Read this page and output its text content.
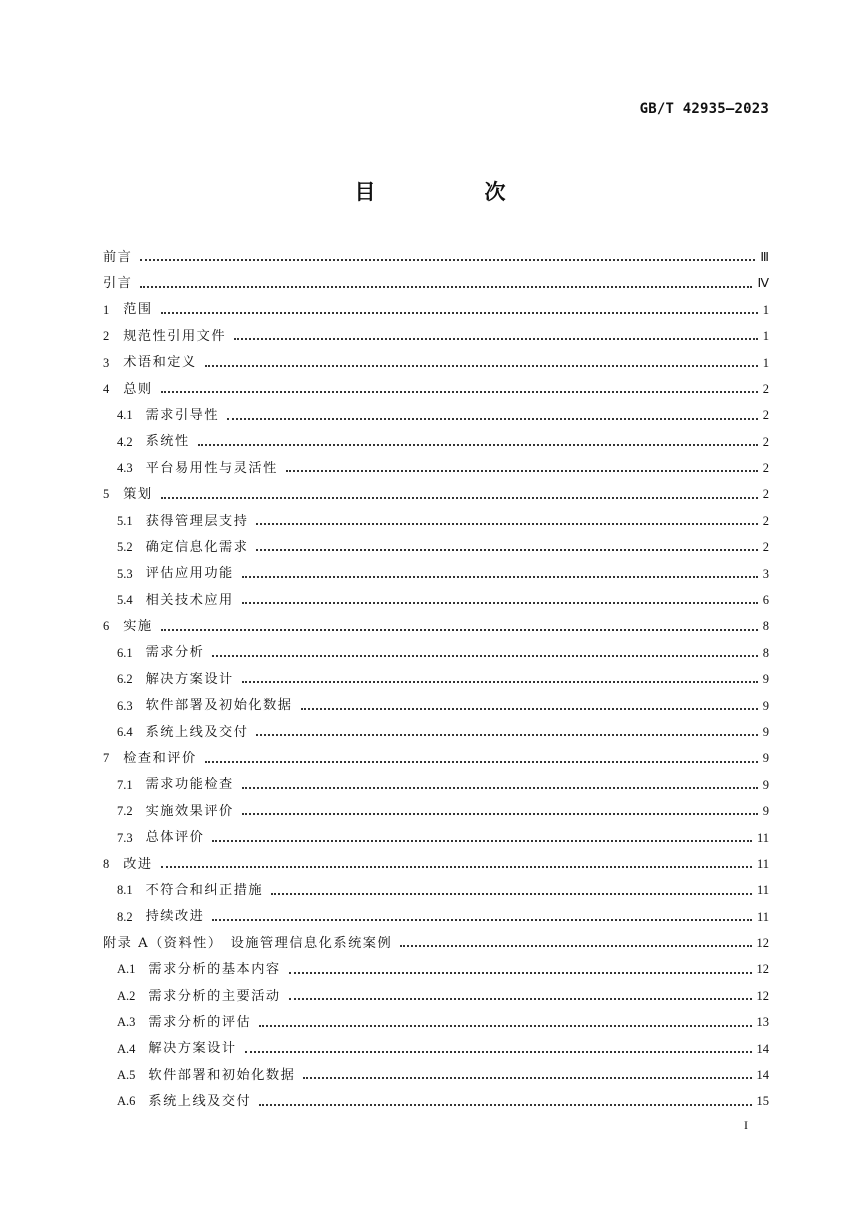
GB/T 42935—2023
目　次
前言	Ⅲ
引言	Ⅳ
1 范围	1
2 规范性引用文件	1
3 术语和定义	1
4 总则	2
4.1 需求引导性	2
4.2 系统性	2
4.3 平台易用性与灵活性	2
5 策划	2
5.1 获得管理层支持	2
5.2 确定信息化需求	2
5.3 评估应用功能	3
5.4 相关技术应用	6
6 实施	8
6.1 需求分析	8
6.2 解决方案设计	9
6.3 软件部署及初始化数据	9
6.4 系统上线及交付	9
7 检查和评价	9
7.1 需求功能检查	9
7.2 实施效果评价	9
7.3 总体评价	11
8 改进	11
8.1 不符合和纠正措施	11
8.2 持续改进	11
附录 A（资料性）　设施管理信息化系统案例	12
A.1 需求分析的基本内容	12
A.2 需求分析的主要活动	12
A.3 需求分析的评估	13
A.4 解决方案设计	14
A.5 软件部署和初始化数据	14
A.6 系统上线及交付	15
I
